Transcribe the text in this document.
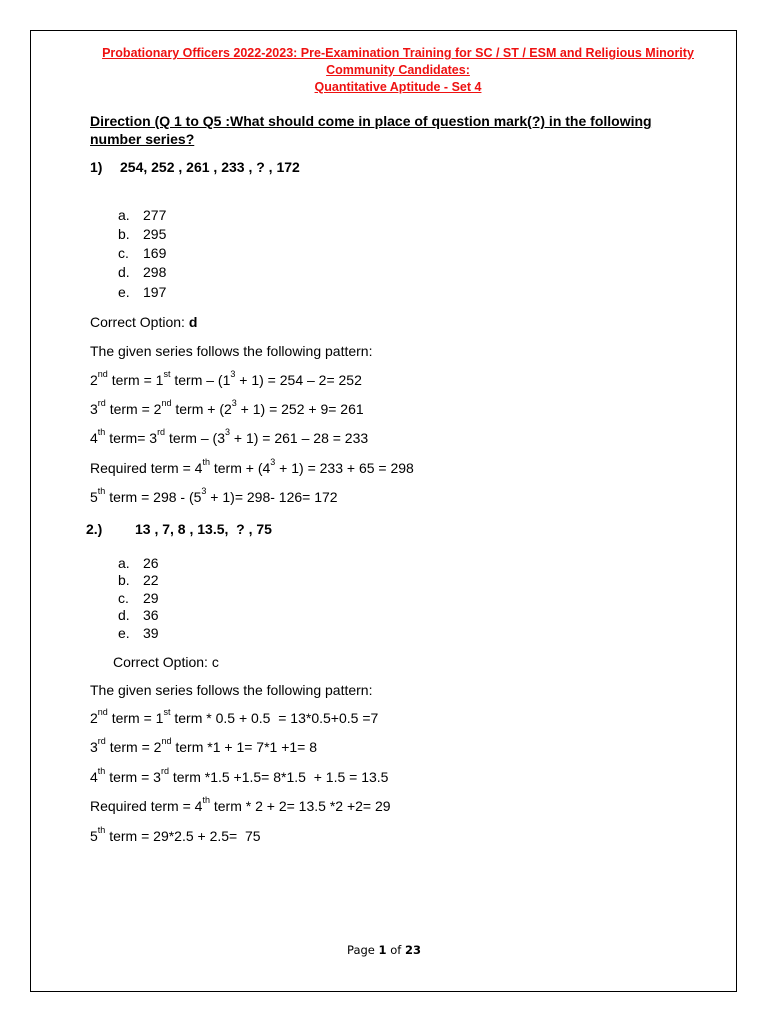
Probationary Officers 2022-2023: Pre-Examination Training for SC / ST / ESM and Religious Minority
Community Candidates:
Quantitative Aptitude - Set 4
Direction (Q 1 to Q5 :What should come in place of question mark(?) in the following number series?
1) 254, 252 , 261 , 233 , ? , 172
a. 277
b. 295
c. 169
d. 298
e. 197
Correct Option: d
The given series follows the following pattern:
2nd term = 1st term – $(1^3 + 1) = 254 - 2= 252$
3rd term = 2nd term + $(2^3 + 1) = 252 + 9= 261$
4th term= 3rd term – $(3^3 + 1) = 261 - 28 = 233$
Required term = 4th term + $(4^3 + 1) = 233 + 65 = 298$
5th term = $298 - (5^3 + 1)= 298-$ 126= 172
2.) 13 , 7, 8 , 13.5,  ? , 75
a. 26
b. 22
c. 29
d. 36
e. 39
Correct Option: c
The given series follows the following pattern:
2nd term = 1st term * 0.5 + 0.5  = 13*0.5+0.5 =7
3rd term = 2nd term *1 + 1= 7*1 +1= 8
4th term = 3rd term *1.5 +1.5= 8*1.5  + 1.5 = 13.5
Required term = 4th term * 2 + 2= 13.5 *2 +2= 29
5th term = 29*2.5 + 2.5=  75
Page 1 of 23
